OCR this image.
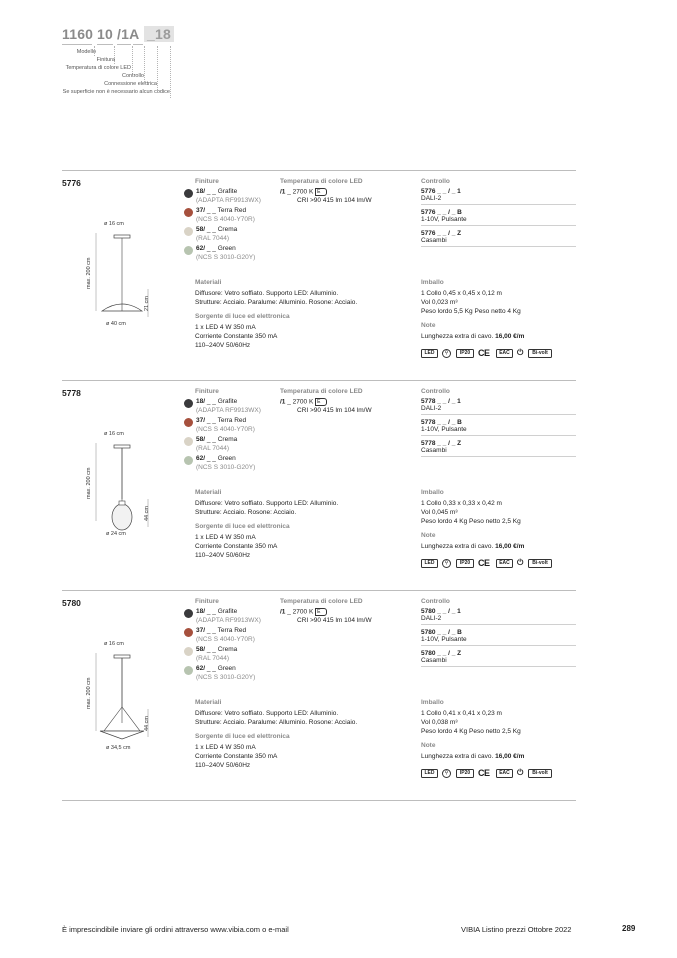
1160 10 /1A _18
Modello
Finitura
Temperatura di colore LED
Controllo
Connessione elettrica
Se superficie non è necessario alcun codice
5776
ø 16 cm
max. 200 cm
21 cm
ø 40 cm
Finiture	Temperatura di colore LED	Controllo
18/ _ _ Grafite
(ADAPTA RF9913WX)
37/ _ _ Terra Red
(NCS S 4040-Y70R)
58/ _ _ Crema
(RAL 7044)
62/ _ _ Green
(NCS S 3010-G20Y)
/1 _ 2700 K E
CRI >90 415 lm 104 lm/W
5776 _ _ / _ 1
DALI-2
5776 _ _ / _ B
1-10V, Pulsante
5776 _ _ / _ Z
Casambi
Materiali
Diffusore: Vetro soffiato. Supporto LED: Alluminio.
Strutture: Acciaio. Paralume: Alluminio. Rosone: Acciaio.
Sorgente di luce ed elettronica
1 x LED 4 W 350 mA
Corriente Constante 350 mA
110–240V 50/60Hz
Imballo
1 Collo 0,45 x 0,45 x 0,12 m
Vol 0,023 m³
Peso lordo 5,5 Kg Peso netto 4 Kg
Note
Lunghezza extra di cavo. 16,00 €/m
LED	⚲	IP20 CE	EAC ⏻	Bi-volt
5778
ø 16 cm
max. 200 cm
44 cm
ø 24 cm
Finiture	Temperatura di colore LED	Controllo
18/ _ _ Grafite
(ADAPTA RF9913WX)
37/ _ _ Terra Red
(NCS S 4040-Y70R)
58/ _ _ Crema
(RAL 7044)
62/ _ _ Green
(NCS S 3010-G20Y)
/1 _ 2700 K E
CRI >90 415 lm 104 lm/W
5778 _ _ / _ 1
DALI-2
5778 _ _ / _ B
1-10V, Pulsante
5778 _ _ / _ Z
Casambi
Materiali
Diffusore: Vetro soffiato. Supporto LED: Alluminio.
Strutture: Acciaio. Rosone: Acciaio.
Sorgente di luce ed elettronica
1 x LED 4 W 350 mA
Corriente Constante 350 mA
110–240V 50/60Hz
Imballo
1 Collo 0,33 x 0,33 x 0,42 m
Vol 0,045 m³
Peso lordo 4 Kg Peso netto 2,5 Kg
Note
Lunghezza extra di cavo. 16,00 €/m
LED	⚲	IP20 CE	EAC ⏻	Bi-volt
5780
ø 16 cm
max. 200 cm
44 cm
ø 34,5 cm
Finiture	Temperatura di colore LED	Controllo
18/ _ _ Grafite
(ADAPTA RF9913WX)
37/ _ _ Terra Red
(NCS S 4040-Y70R)
58/ _ _ Crema
(RAL 7044)
62/ _ _ Green
(NCS S 3010-G20Y)
/1 _ 2700 K E
CRI >90 415 lm 104 lm/W
5780 _ _ / _ 1
DALI-2
5780 _ _ / _ B
1-10V, Pulsante
5780 _ _ / _ Z
Casambi
Materiali
Diffusore: Vetro soffiato. Supporto LED: Alluminio.
Strutture: Acciaio. Paralume: Alluminio. Rosone: Acciaio.
Sorgente di luce ed elettronica
1 x LED 4 W 350 mA
Corriente Constante 350 mA
110–240V 50/60Hz
Imballo
1 Collo 0,41 x 0,41 x 0,23 m
Vol 0,038 m³
Peso lordo 4 Kg Peso netto 2,5 Kg
Note
Lunghezza extra di cavo. 16,00 €/m
LED	⚲	IP20 CE	EAC ⏻	Bi-volt
È imprescindibile inviare gli ordini attraverso www.vibia.com o e-mail	VIBIA Listino prezzi Ottobre 2022	289
